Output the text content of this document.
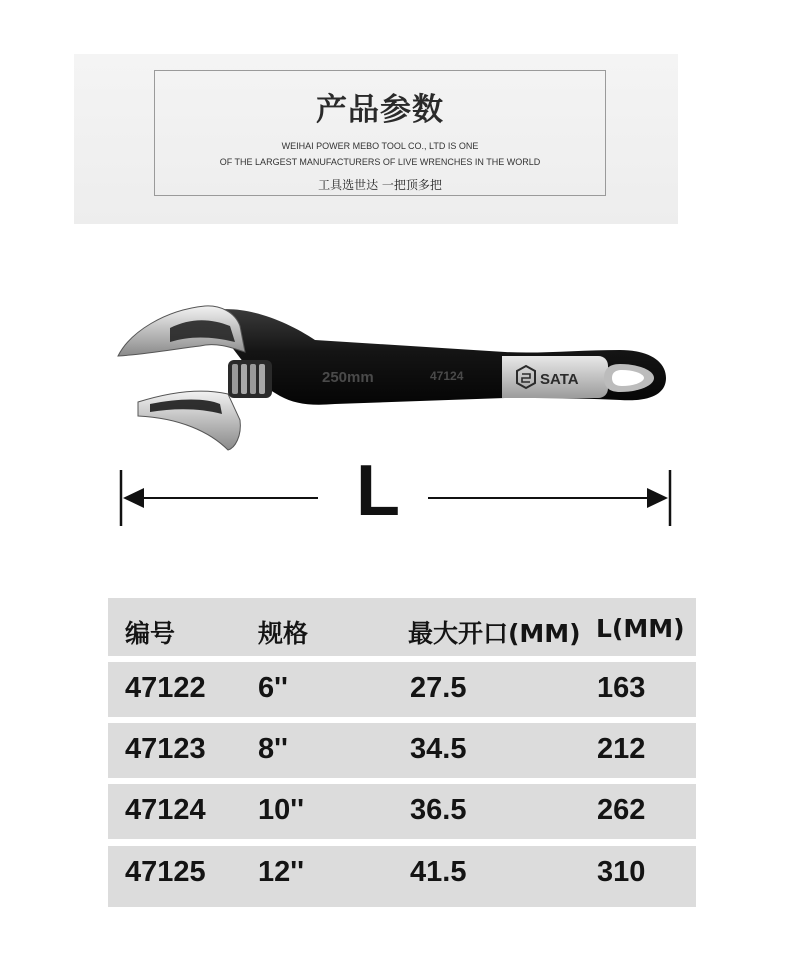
产品参数
WEIHAI POWER MEBO TOOL CO., LTD IS ONE
OF THE LARGEST MANUFACTURERS OF LIVE WRENCHES IN THE WORLD
工具选世达 一把顶多把
250mm	47124	SATA
L
编号	规格	最大开口(MM) L(MM)
47122 6''	27.5	163
47123 8''	34.5	212
47124 10''	36.5	262
47125 12''	41.5	310
